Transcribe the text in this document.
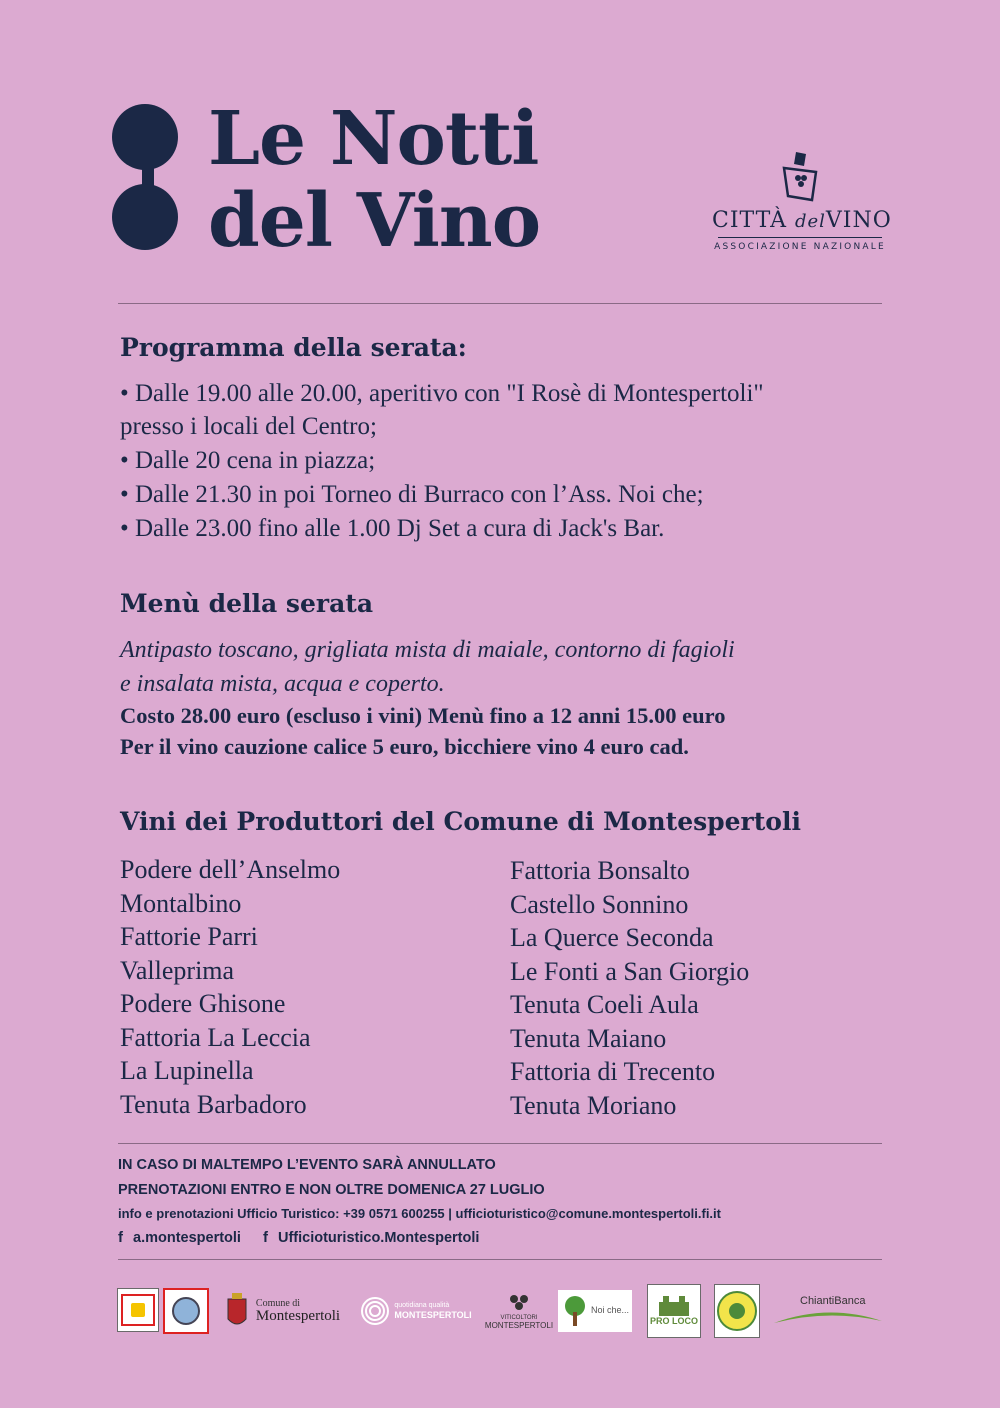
Le Notti
del Vino	CITTÀ delVINO
ASSOCIAZIONE NAZIONALE
Programma della serata:
• Dalle 19.00 alle 20.00, aperitivo con "I Rosè di Montespertoli"
presso i locali del Centro;
• Dalle 20 cena in piazza;
• Dalle 21.30 in poi Torneo di Burraco con l’Ass. Noi che;
• Dalle 23.00 fino alle 1.00 Dj Set a cura di Jack's Bar.
Menù della serata
Antipasto toscano, grigliata mista di maiale, contorno di fagioli
e insalata mista, acqua e coperto.
Costo 28.00 euro (escluso i vini) Menù fino a 12 anni 15.00 euro
Per il vino cauzione calice 5 euro, bicchiere vino 4 euro cad.
Vini dei Produttori del Comune di Montespertoli
Podere dell’Anselmo
Montalbino
Fattorie Parri
Valleprima
Podere Ghisone
Fattoria La Leccia
La Lupinella
Tenuta Barbadoro
Fattoria Bonsalto
Castello Sonnino
La Querce Seconda
Le Fonti a San Giorgio
Tenuta Coeli Aula
Tenuta Maiano
Fattoria di Trecento
Tenuta Moriano
IN CASO DI MALTEMPO L’EVENTO SARÀ ANNULLATO
PRENOTAZIONI ENTRO E NON OLTRE DOMENICA 27 LUGLIO
info e prenotazioni Ufficio Turistico: +39 0571 600255 | ufficioturistico@comune.montespertoli.fi.it
f a.montespertoli f Ufficioturistico.Montespertoli
Comune di
Montespertoli
quotidiana qualità
MONTESPERTOLI	VITICOLTORI
MONTESPERTOLI
Noi che...
PRO LOCO
ChiantiBanca
